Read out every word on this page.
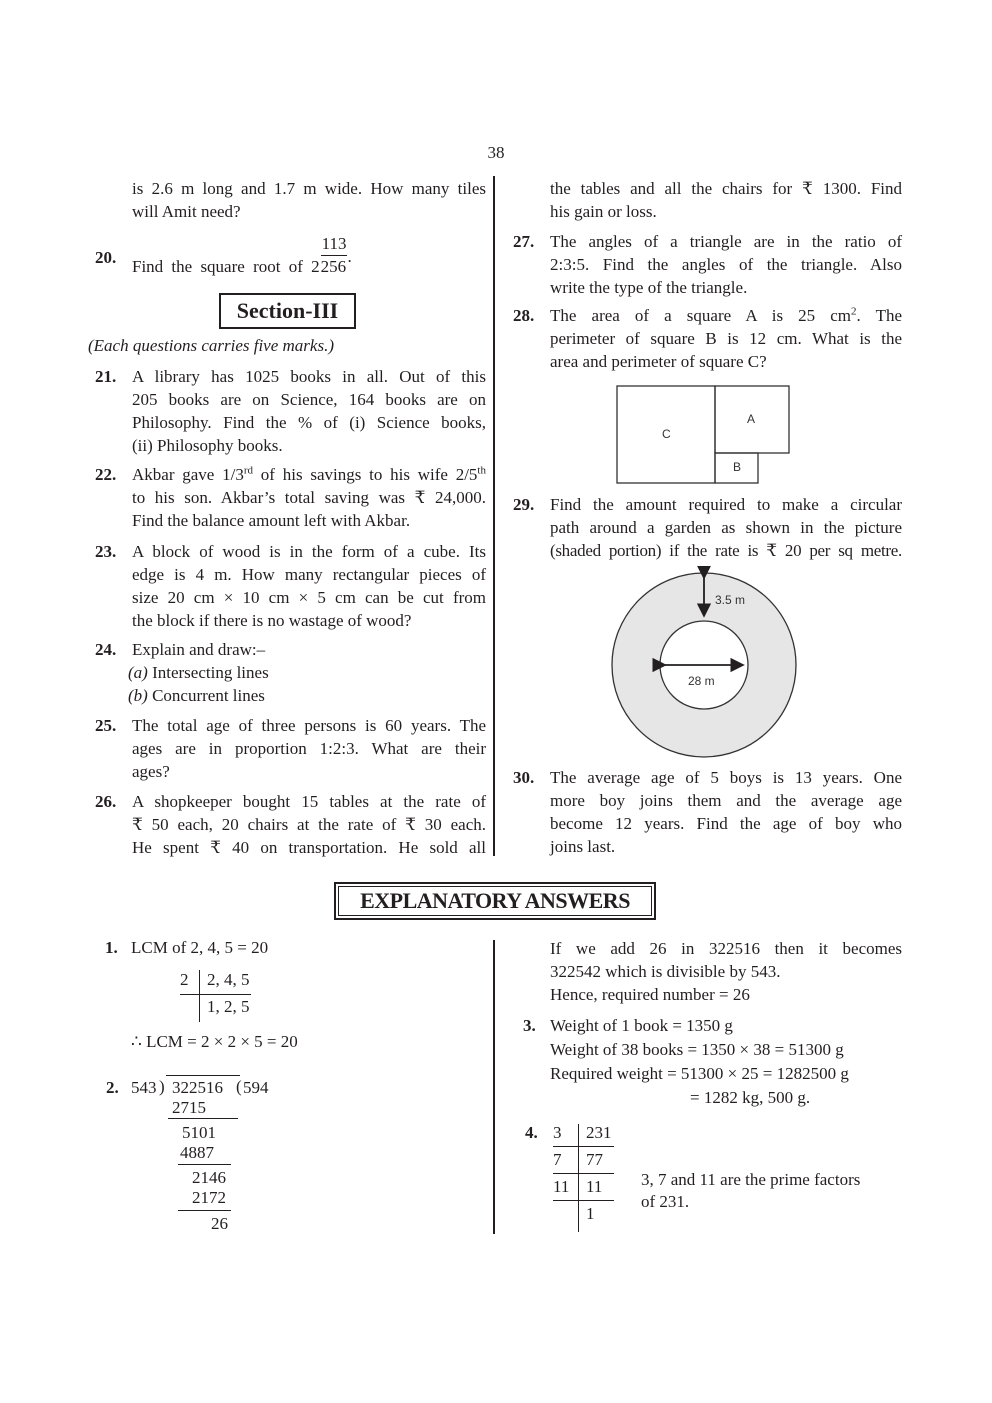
38
is 2.6 m long and 1.7 m wide. How many tiles
will Amit need?
20. Find the square root of $2 \frac{113}{256}$ .
Section-III
(Each questions carries five marks.)
21. A library has 1025 books in all. Out of this
205 books are on Science, 164 books are on
Philosophy. Find the % of (i) Science books,
(ii) Philosophy books.
22. Akbar gave 1/3rd of his savings to his wife 2/5th
to his son. Akbar’s total saving was ₹ 24,000.
Find the balance amount left with Akbar.
23. A block of wood is in the form of a cube. Its
edge is 4 m. How many rectangular pieces of
size 20 cm × 10 cm × 5 cm can be cut from
the block if there is no wastage of wood?
24. Explain and draw:–
(a) Intersecting lines
(b) Concurrent lines
25. The total age of three persons is 60 years. The
ages are in proportion 1:2:3. What are their
ages?
26. A shopkeeper bought 15 tables at the rate of
₹ 50 each, 20 chairs at the rate of ₹ 30 each.
He spent ₹ 40 on transportation. He sold all
the tables and all the chairs for ₹ 1300. Find
his gain or loss.
27. The angles of a triangle are in the ratio of
2:3:5. Find the angles of the triangle. Also
write the type of the triangle.
28. The area of a square A is 25 $cm^2$. The
perimeter of square B is 12 cm. What is the
area and perimeter of square C?
C
A
B
29. Find the amount required to make a circular
path around a garden as shown in the picture
(shaded portion) if the rate is ₹ 20 per sq metre.
3.5 m
28 m
30. The average age of 5 boys is 13 years. One
more boy joins them and the average age
become 12 years. Find the age of boy who
joins last.
EXPLANATORY ANSWERS
1. LCM of 2, 4, 5 = 20
2 2, 4, 5
1, 2, 5
∴ LCM = 2 × 2 × 5 = 20
2. 543 ) 322516 ( 594
2715
5101
4887
2146
2172
26
If we add 26 in 322516 then it becomes
322542 which is divisible by 543.
Hence, required number = 26
3. Weight of 1 book = 1350 g
Weight of 38 books = 1350 × 38 = 51300 g
Required weight = 51300 × 25 = 1282500 g
= 1282 kg, 500 g.
4. 3 231
7 77
11 11
1
3, 7 and 11 are the prime factors
of 231.
